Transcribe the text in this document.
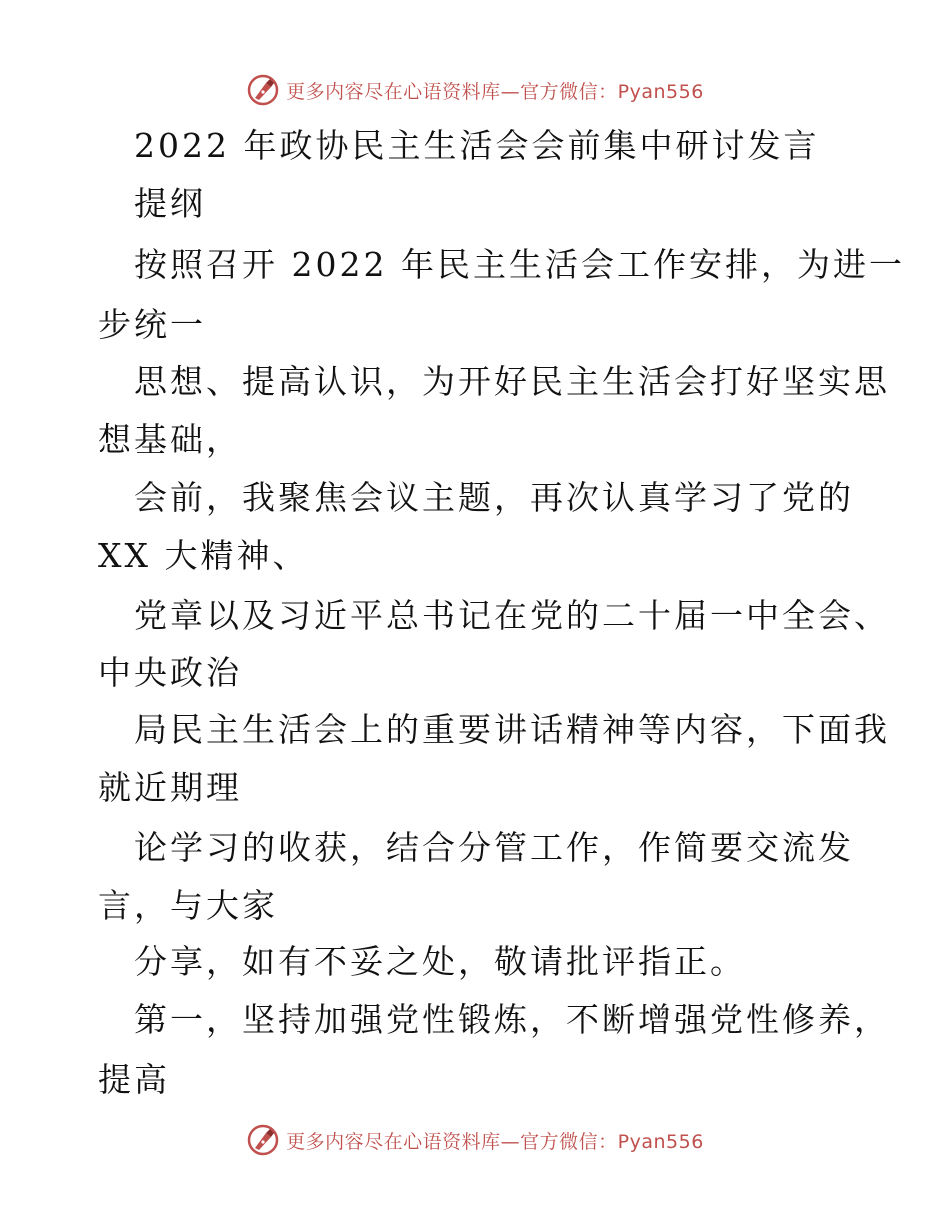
更多内容尽在心语资料库—官方微信：Pyan556
2022 年政协民主生活会会前集中研讨发言
提纲
按照召开 2022 年民主生活会工作安排，为进一
步统一
思想、提高认识，为开好民主生活会打好坚实思
想基础，
会前，我聚焦会议主题，再次认真学习了党的
XX 大精神、
党章以及习近平总书记在党的二十届一中全会、
中央政治
局民主生活会上的重要讲话精神等内容，下面我
就近期理
论学习的收获，结合分管工作，作简要交流发
言，与大家
分享，如有不妥之处，敬请批评指正。
第一，坚持加强党性锻炼，不断增强党性修养，
提高
更多内容尽在心语资料库—官方微信：Pyan556
